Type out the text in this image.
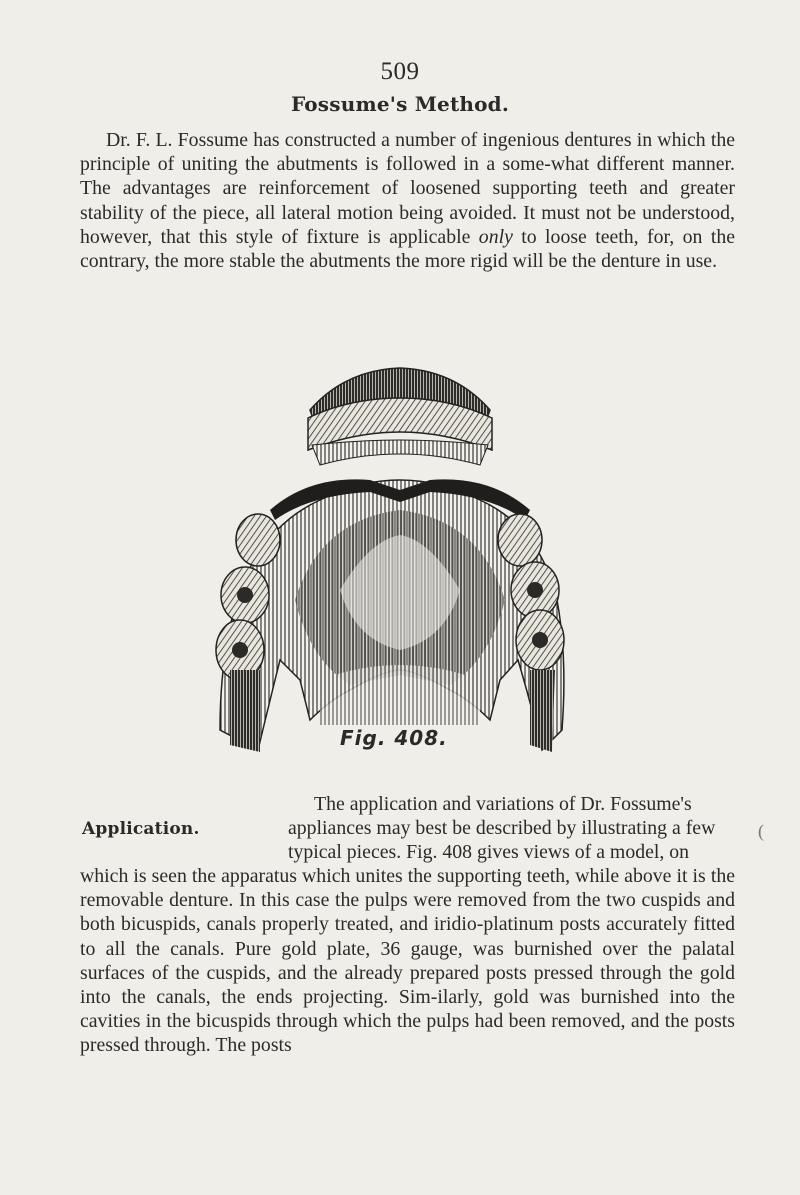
509
Fossume's Method.

Dr. F. L. Fossume has constructed a number of ingenious dentures in which the principle of uniting the abutments is followed in a some-what different manner. The advantages are reinforcement of loosened supporting teeth and greater stability of the piece, all lateral motion being avoided. It must not be understood, however, that this style of fixture is applicable only to loose teeth, for, on the contrary, the more stable the abutments the more rigid will be the denture in use.

Fig. 408.
Application.

The application and variations of Dr. Fossume's
appliances may best be described by illustrating a few
typical pieces. Fig. 408 gives views of a model, on

which is seen the apparatus which unites the supporting teeth, while above it is the removable denture. In this case the pulps were removed from the two cuspids and both bicuspids, canals properly treated, and iridio-platinum posts accurately fitted to all the canals. Pure gold plate, 36 gauge, was burnished over the palatal surfaces of the cuspids, and the already prepared posts pressed through the gold into the canals, the ends projecting. Sim-ilarly, gold was burnished into the cavities in the bicuspids through which the pulps had been removed, and the posts pressed through. The posts

(
